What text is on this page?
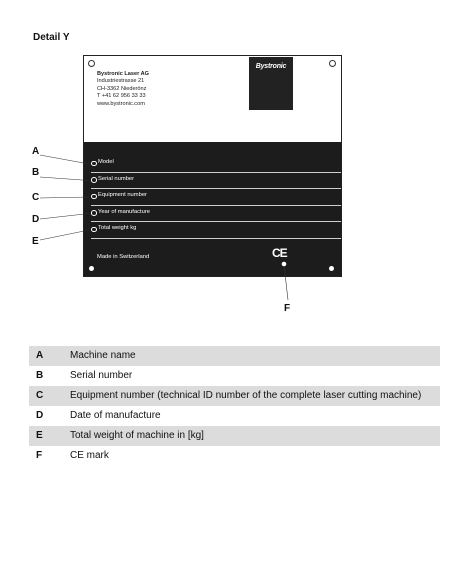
Detail Y
Bystronic Laser AG
Industriestrasse 21
CH-3362 Niederönz
T +41 62 956 33 33
www.bystronic.com
Bystronic
Model
Serial number
Equipment number
Year of manufacture
Total weight kg
Made in Switzerland	CE
A
B
C
D
E
F
A	Machine name
B	Serial number
C	Equipment number (technical ID number of the complete laser cutting machine)
D	Date of manufacture
E	Total weight of machine in [kg]
F	CE mark
